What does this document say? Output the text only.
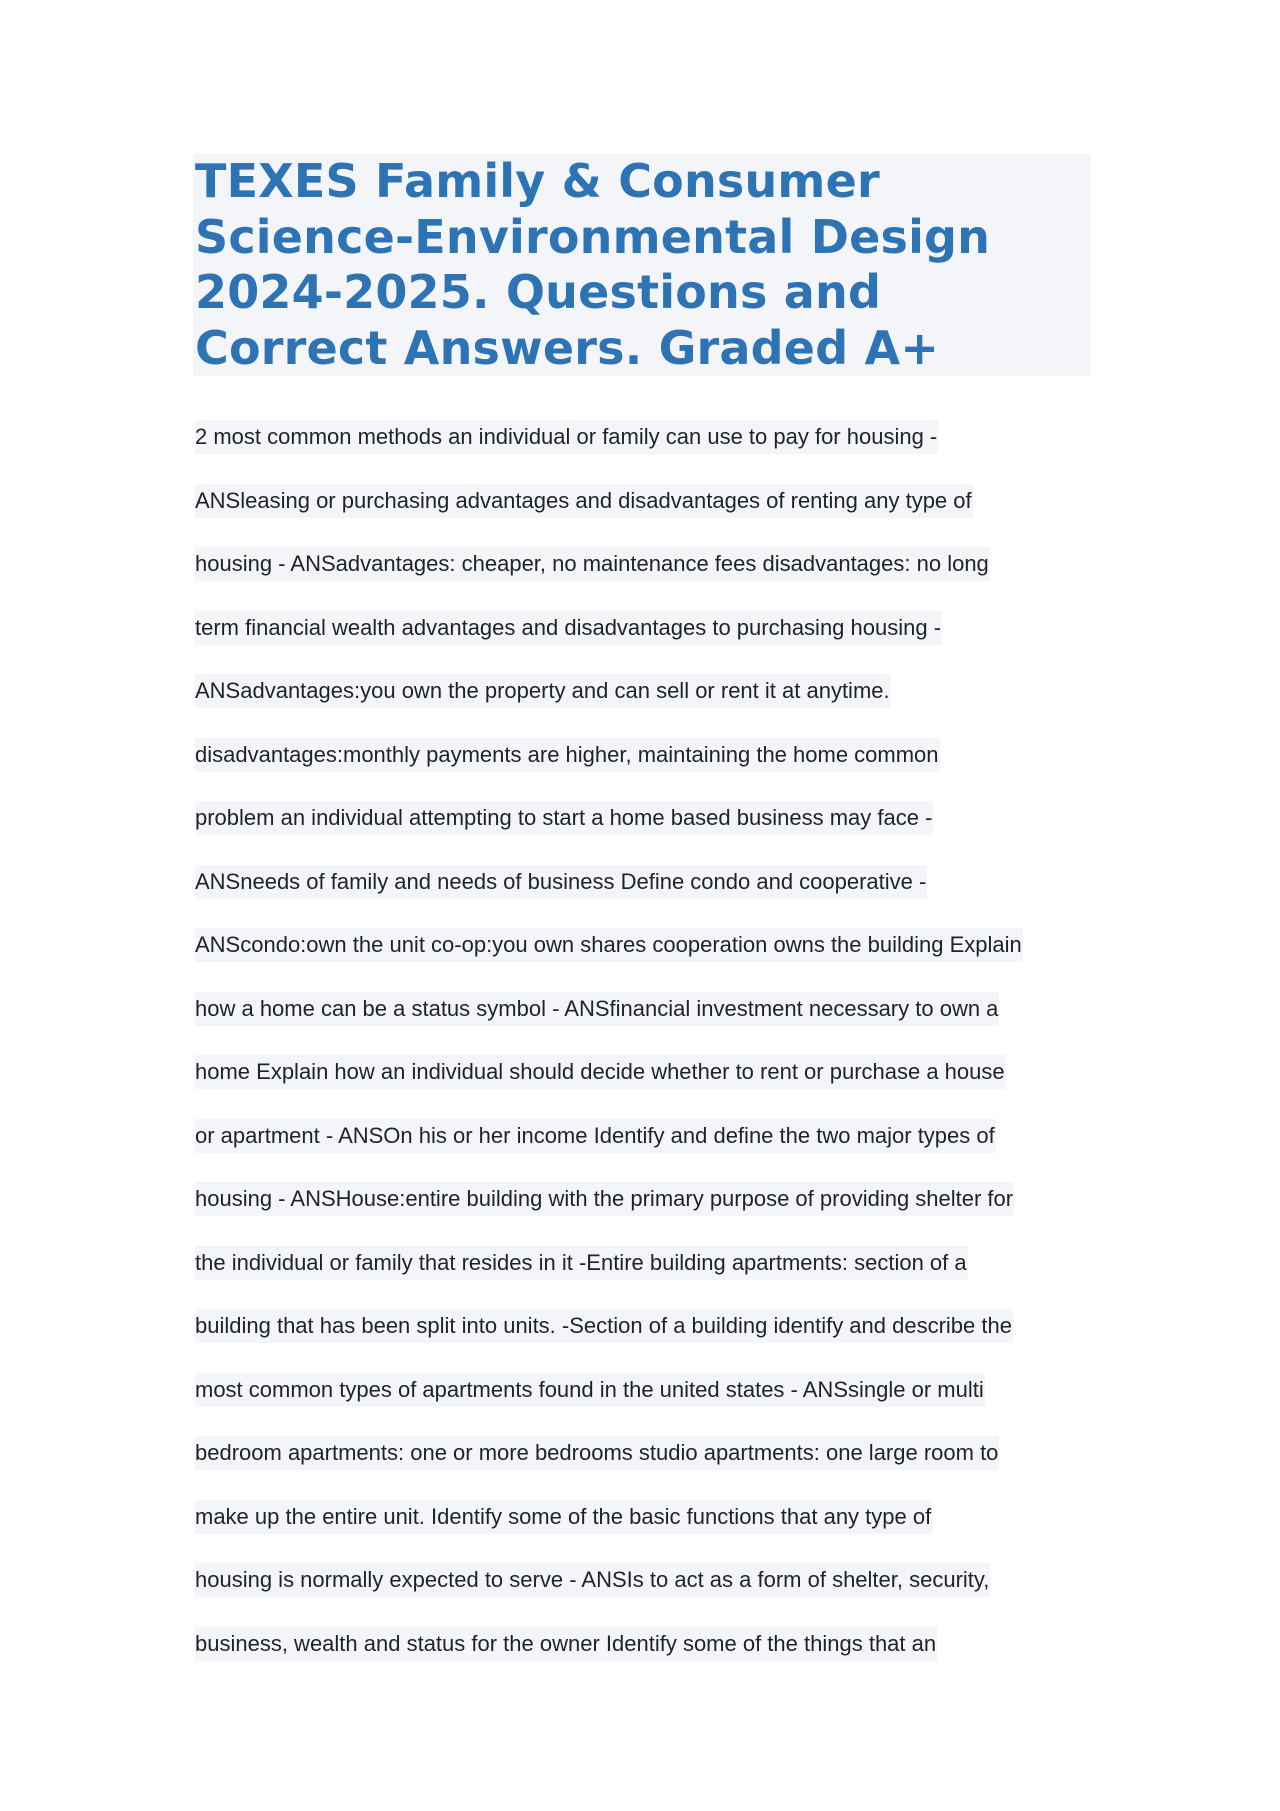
TEXES Family & Consumer
Science-Environmental Design
2024-2025. Questions and
Correct Answers. Graded A+
2 most common methods an individual or family can use to pay for housing -
ANSleasing or purchasing advantages and disadvantages of renting any type of
housing - ANSadvantages: cheaper, no maintenance fees disadvantages: no long
term financial wealth advantages and disadvantages to purchasing housing -
ANSadvantages:you own the property and can sell or rent it at anytime.
disadvantages:monthly payments are higher, maintaining the home common
problem an individual attempting to start a home based business may face -
ANSneeds of family and needs of business Define condo and cooperative -
ANScondo:own the unit co-op:you own shares cooperation owns the building Explain
how a home can be a status symbol - ANSfinancial investment necessary to own a
home Explain how an individual should decide whether to rent or purchase a house
or apartment - ANSOn his or her income Identify and define the two major types of
housing - ANSHouse:entire building with the primary purpose of providing shelter for
the individual or family that resides in it -Entire building apartments: section of a
building that has been split into units. -Section of a building identify and describe the
most common types of apartments found in the united states - ANSsingle or multi
bedroom apartments: one or more bedrooms studio apartments: one large room to
make up the entire unit. Identify some of the basic functions that any type of
housing is normally expected to serve - ANSIs to act as a form of shelter, security,
business, wealth and status for the owner Identify some of the things that an
